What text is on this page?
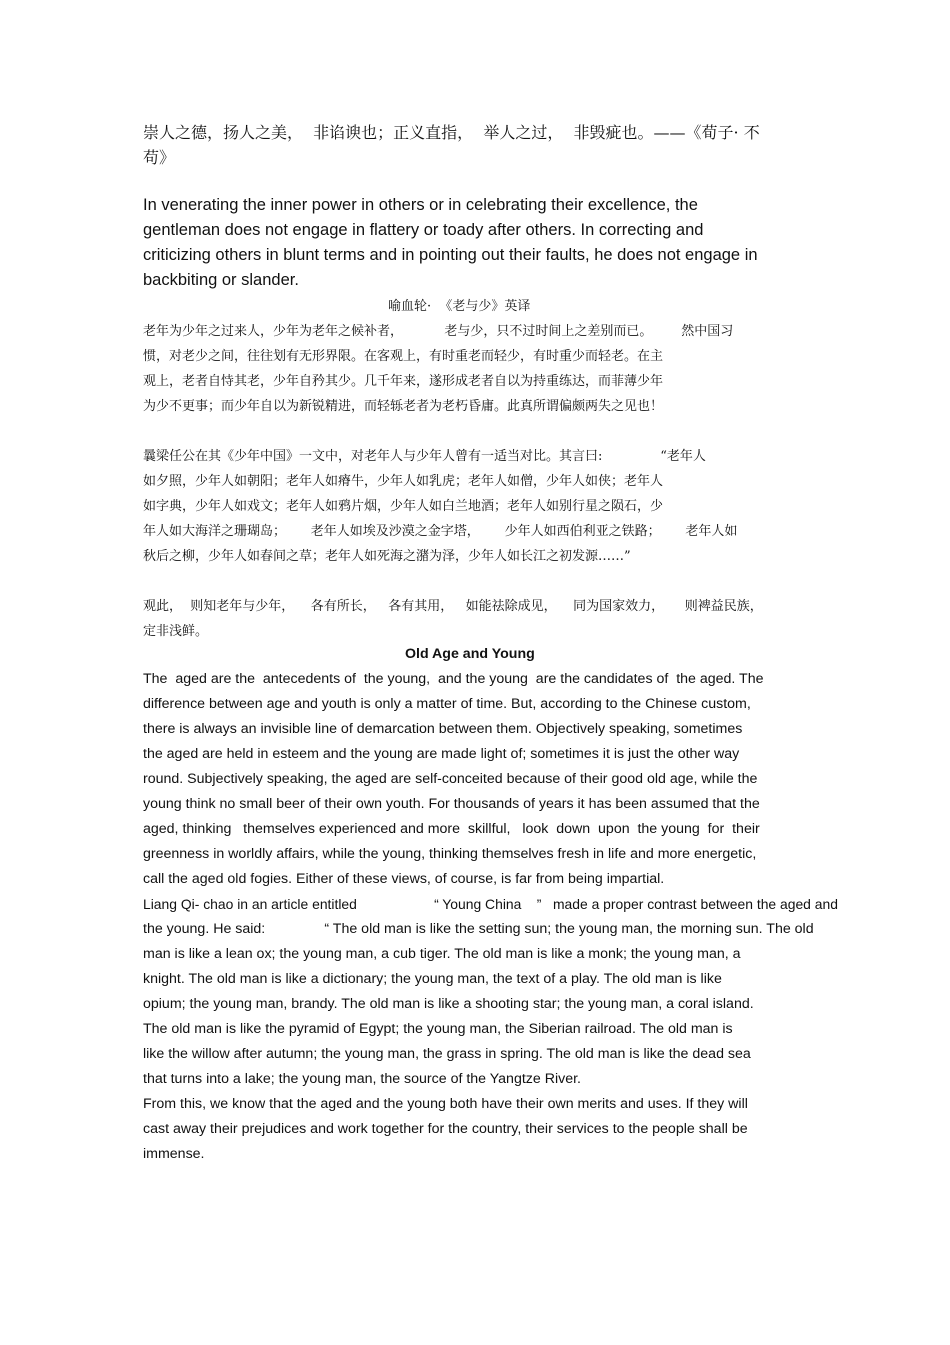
崇人之德，扬人之美，  非谄谀也；正义直指，  举人之过，  非毁疵也。——《荀子· 不
苟》
In venerating the inner power in others or in celebrating their excellence, the
gentleman does not engage in flattery or toady after others. In correcting and
criticizing others in blunt terms and in pointing out their faults, he does not engage in
backbiting or slander.
喻血轮·  《老与少》英译
老年为少年之过来人，少年为老年之候补者，          老与少，只不过时间上之差别而已。       然中国习
惯，对老少之间，往往划有无形界限。在客观上，有时重老而轻少，有时重少而轻老。在主
观上，老者自恃其老，少年自矜其少。几千年来，遂形成老者自以为持重练达，而菲薄少年
为少不更事；而少年自以为新锐精进，而轻轹老者为老朽昏庸。此真所谓偏颇两失之见也！
曩梁任公在其《少年中国》一文中，对老年人与少年人曾有一适当对比。其言曰:              “老年人
如夕照，少年人如朝阳；老年人如瘠牛，少年人如乳虎；老年人如僧，少年人如侠；老年人
如字典，少年人如戏文；老年人如鸦片烟，少年人如白兰地酒；老年人如别行星之陨石，少
年人如大海洋之珊瑚岛；      老年人如埃及沙漠之金字塔，      少年人如西伯利亚之铁路；      老年人如
秋后之柳，少年人如春间之草；老年人如死海之潴为泽，少年人如长江之初发源……”
观此，  则知老年与少年，    各有所长，   各有其用，   如能祛除成见，    同为国家效力，     则裨益民族，
定非浅鲜。
Old Age and Young
The  aged are the  antecedents of  the young,  and the young  are the candidates of  the aged. The
difference between age and youth is only a matter of time. But, according to the Chinese custom,
there is always an invisible line of demarcation between them. Objectively speaking, sometimes
the aged are held in esteem and the young are made light of; sometimes it is just the other way
round. Subjectively speaking, the aged are self-conceited because of their good old age, while the
young think no small beer of their own youth. For thousands of years it has been assumed that the
aged, thinking   themselves experienced and more  skillful,   look  down  upon  the young  for  their
greenness in worldly affairs, while the young, thinking themselves fresh in life and more energetic,
call the aged old fogies. Either of these views, of course, is far from being impartial.
Liang Qi- chao in an article entitled                    “ Young China    ”   made a proper contrast between the aged and
the young. He said:               “ The old man is like the setting sun; the young man, the morning sun. The old
man is like a lean ox; the young man, a cub tiger. The old man is like a monk; the young man, a
knight. The old man is like a dictionary; the young man, the text of a play. The old man is like
opium; the young man, brandy. The old man is like a shooting star; the young man, a coral island.
The old man is like the pyramid of Egypt; the young man, the Siberian railroad. The old man is
like the willow after autumn; the young man, the grass in spring. The old man is like the dead sea
that turns into a lake; the young man, the source of the Yangtze River.
From this, we know that the aged and the young both have their own merits and uses. If they will
cast away their prejudices and work together for the country, their services to the people shall be
immense.
